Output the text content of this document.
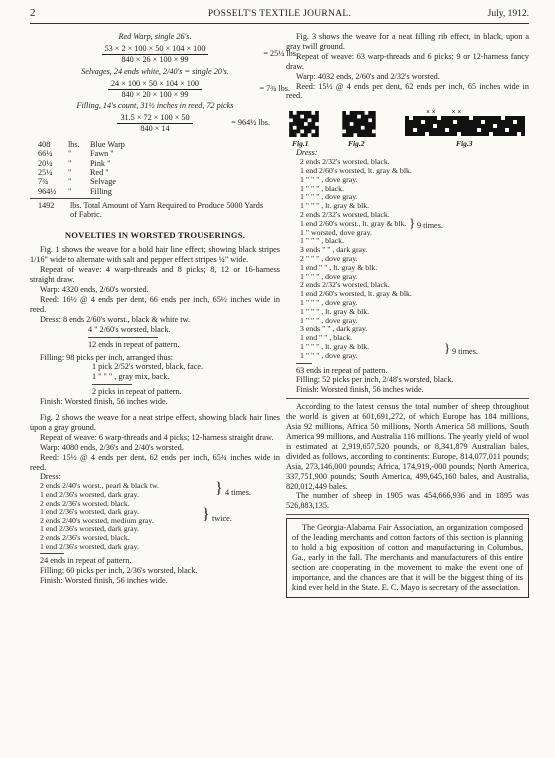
2	POSSELT'S TEXTILE JOURNAL.	July, 1912.

Red Warp, single 26's.

53 × 2 × 100 × 50 × 104 × 100
840 × 26 × 100 × 99
= 25¼ lbs.

Selvages, 24 ends white, 2/40's = single 20's.

24 × 100 × 50 × 104 × 100
840 × 20 × 100 × 99
= 7¾ lbs.

Filling, 14's count, 31½ inches in reed, 72 picks

31.5 × 72 × 100 × 50
840 × 14
= 964½ lbs.
408	lbs.	Blue Warp
66¼	"	Fawn "
20¼	"	Pink "
25¼	"	Red "
7¾	"	Selvage
964½	"	Filling
1492	lbs. Total Amount of Yarn Required to Produce 5000 Yards of Fabric.
NOVELTIES IN WORSTED TROUSERINGS.

Fig. 1 shows the weave for a bold hair line effect; showing black stripes 1/16" wide to alternate with salt and pepper effect stripes ¼" wide.

Repeat of weave: 4 warp-threads and 8 picks; 8, 12 or 16-harness straight draw.

Warp: 4320 ends, 2/60's worsted.

Reed: 16½ @ 4 ends per dent, 66 ends per inch, 65½ inches wide in reed.

Dress: 8 ends 2/60's worst., black & white tw.

4 " 2/60's worsted, black.

12 ends in repeat of pattern.

Filling: 98 picks per inch, arranged thus:

1 pick 2/52's worsted, black, face.

1 " " " , gray mix, back.

2 picks in repeat of pattern.

Finish: Worsted finish, 56 inches wide.

Fig. 2 shows the weave for a neat stripe effect, showing black hair lines upon a gray ground.

Repeat of weave: 6 warp-threads and 4 picks; 12-harness straight draw.

Warp: 4080 ends, 2/36's and 2/40's worsted.

Reed: 15½ @ 4 ends per dent, 62 ends per inch, 65¾ inches wide in reed.

Dress:

2 ends 2/40's worst., pearl & black tw.

1 end 2/36's worsted, dark gray.

2 ends 2/36's worsted, black.

1 end 2/36's worsted, dark gray.

2 ends 2/40's worsted, medium gray.

1 end 2/36's worsted, dark gray.

2 ends 2/36's worsted, black.

1 end 2/36's worsted, dark gray.

} 4 times.
} twice.

24 ends in repeat of pattern.

Filling: 60 picks per inch, 2/36's worsted, black.

Finish: Worsted finish, 56 inches wide.

Fig. 3 shows the weave for a neat filling rib effect, in black, upon a gray twill ground.

Repeat of weave: 63 warp-threads and 6 picks; 9 or 12-harness fancy draw.

Warp: 4032 ends, 2/60's and 2/32's worsted.

Reed: 15½ @ 4 ends per dent, 62 ends per inch, 65 inches wide in reed.

Fig.1	Fig.2
× ×         × ×
Fig.3

Dress:

2 ends 2/32's worsted, black.

1 end 2/60's worsted, lt. gray & blk.

1 " " " , dove gray.

1 " " " , black.

1 " " " , dove gray.

1 " " " , lt. gray & blk.

2 ends 2/32's worsted, black.

1 end 2/60's worst., lt. gray & blk.

1 " worsted, dove gray.

1 " " " , black.

3 ends " " , dark gray.

2 " " " , dove gray.

1 end " " , lt. gray & blk.

1 " " " , dove gray.

2 ends 2/32's worsted, black.

1 end 2/60's worsted, lt. gray & blk.

1 " " " , dove gray.

1 " " " , lt. gray & blk.

1 " " " , dove gray.

3 ends " " , dark gray.

1 end " " , black.

1 " " " , lt. gray & blk.

1 " " " , dove gray.

} 9 times.
} 9 times.

63 ends in repeat of pattern.

Filling: 52 picks per inch, 2/48's worsted, black.

Finish: Worsted finish, 56 inches wide.

According to the latest census the total number of sheep throughout the world is given at 601,691,272, of which Europe has 184 millions, Asia 92 millions, Africa 50 millions, North America 58 millions, South America 99 millions, and Australia 116 millions. The yearly yield of wool is estimated at 2,919,657,520 pounds, or 8,341,879 Australian bales, divided as follows, according to continents: Europe, 814,077,011 pounds; Asia, 273,146,000 pounds; Africa, 174,919,-000 pounds; North America, 337,751,900 pounds; South America, 499,645,160 bales, and Australia, 820,012,449 bales.

The number of sheep in 1905 was 454,666,936 and in 1895 was 526,883,135.

The Georgia-Alabama Fair Association, an organization composed of the leading merchants and cotton factors of this section is planning to hold a big exposition of cotton and manufacturing in Columbus, Ga., early in the fall. The merchants and manufacturers of this entire section are cooperating in the movement to make the event one of importance, and the chances are that it will be the biggest thing of its kind ever held in the State. E. C. Mayo is secretary of the association.
